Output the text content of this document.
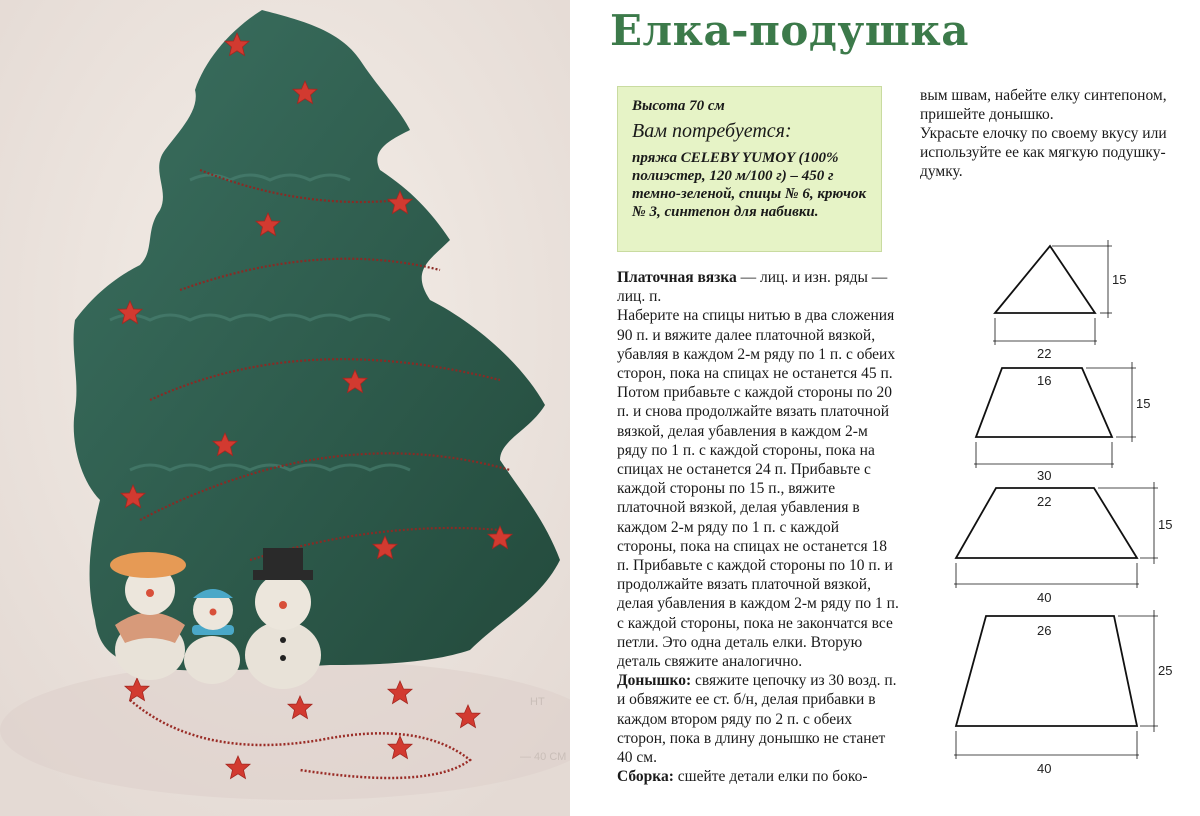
— 40 СМ
HT
Елка-подушка
Высота 70 см
Вам потребуется:
пряжа CELEBY YUMOY (100% полиэстер, 120 м/100 г) – 450 г темно-зеленой, спицы № 6, крючок № 3, синтепон для набивки.

Платочная вязка — лиц. и изн. ряды — лиц. п.

Наберите на спицы нитью в два сложения 90 п. и вяжите далее платочной вязкой, убавляя в каждом 2-м ряду по 1 п. с обеих сторон, пока на спицах не останется 45 п. Потом прибавьте с каждой стороны по 20 п. и снова продолжайте вязать платочной вязкой, делая убавления в каждом 2-м ряду по 1 п. с каждой стороны, пока на спицах не останется 24 п. Прибавьте с каждой стороны по 15 п., вяжите платочной вязкой, делая убавления в каждом 2-м ряду по 1 п. с каждой стороны, пока на спицах не останется 18 п. Прибавьте с каждой стороны по 10 п. и продолжайте вязать платочной вязкой, делая убавления в каждом 2-м ряду по 1 п. с каждой стороны, пока не закончатся все петли. Это одна деталь елки. Вторую деталь свяжите аналогично.

Донышко: свяжите цепочку из 30 возд. п. и обвяжите ее ст. б/н, делая прибавки в каждом втором ряду по 2 п. с обеих сторон, пока в длину донышко не станет 40 см.

Сборка: сшейте детали елки по боко-

вым швам, набейте елку синтепоном, пришейте донышко.

Украсьте елочку по своему вкусу или используйте ее как мягкую подушку-думку.

22
15
16
30
15
22
40
15
26
40
25
